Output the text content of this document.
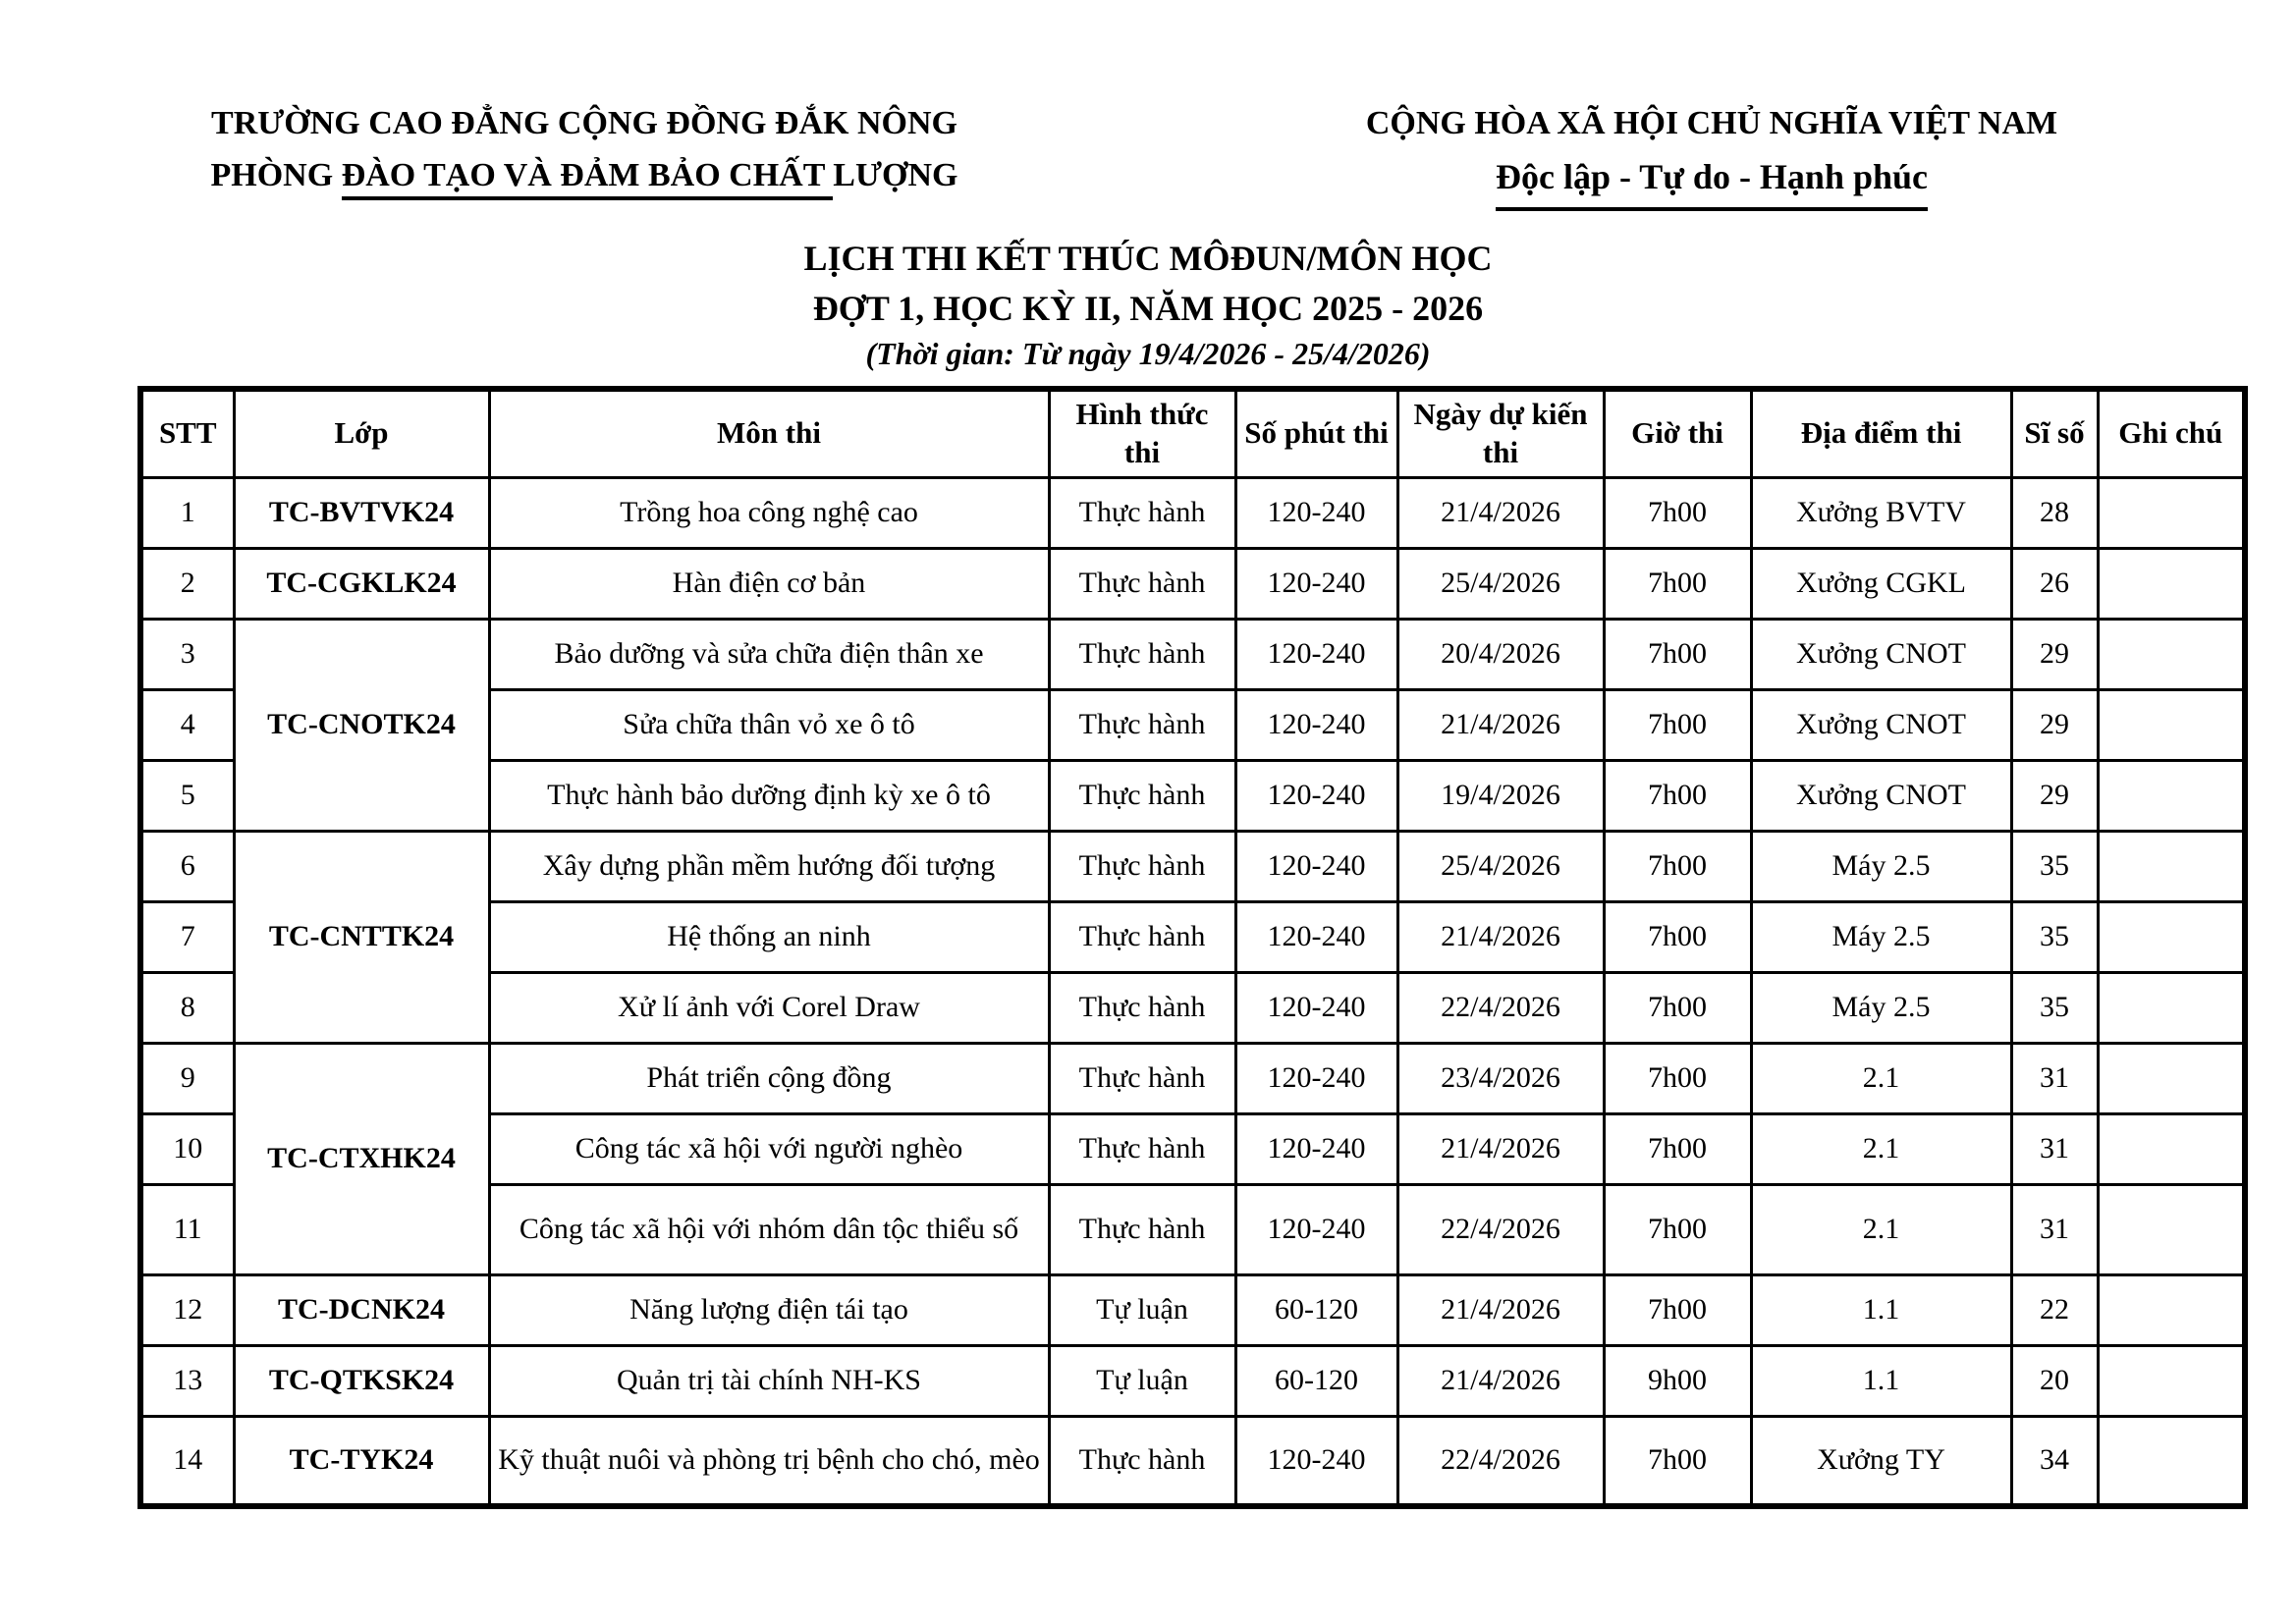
TRƯỜNG CAO ĐẲNG CỘNG ĐỒNG ĐẮK NÔNG
PHÒNG ĐÀO TẠO VÀ ĐẢM BẢO CHẤT LƯỢNG
CỘNG HÒA XÃ HỘI CHỦ NGHĨA VIỆT NAM
Độc lập - Tự do - Hạnh phúc
LỊCH THI KẾT THÚC MÔĐUN/MÔN HỌC
ĐỢT 1, HỌC KỲ II, NĂM HỌC 2025 - 2026
(Thời gian: Từ ngày 19/4/2026 - 25/4/2026)
STT	Lớp	Môn thi	Hình thức thi	Số phút thi	Ngày dự kiến thi	Giờ thi	Địa điểm thi	Sĩ số	Ghi chú
1	TC-BVTVK24	Trồng hoa công nghệ cao	Thực hành	120-240	21/4/2026	7h00	Xưởng BVTV	28	
2	TC-CGKLK24	Hàn điện cơ bản	Thực hành	120-240	25/4/2026	7h00	Xưởng CGKL	26	
3	TC-CNOTK24	Bảo dưỡng và sửa chữa điện thân xe	Thực hành	120-240	20/4/2026	7h00	Xưởng CNOT	29	
4		Sửa chữa thân vỏ xe ô tô	Thực hành	120-240	21/4/2026	7h00	Xưởng CNOT	29	
5		Thực hành bảo dưỡng định kỳ xe ô tô	Thực hành	120-240	19/4/2026	7h00	Xưởng CNOT	29	
6	TC-CNTTK24	Xây dựng phần mềm hướng đối tượng	Thực hành	120-240	25/4/2026	7h00	Máy 2.5	35	
7		Hệ thống an ninh	Thực hành	120-240	21/4/2026	7h00	Máy 2.5	35	
8		Xử lí ảnh với Corel Draw	Thực hành	120-240	22/4/2026	7h00	Máy 2.5	35	
9	TC-CTXHK24	Phát triển cộng đồng	Thực hành	120-240	23/4/2026	7h00	2.1	31	
10		Công tác xã hội với người nghèo	Thực hành	120-240	21/4/2026	7h00	2.1	31	
11		Công tác xã hội với nhóm dân tộc thiểu số	Thực hành	120-240	22/4/2026	7h00	2.1	31	
12	TC-DCNK24	Năng lượng điện tái tạo	Tự luận	60-120	21/4/2026	7h00	1.1	22	
13	TC-QTKSK24	Quản trị tài chính NH-KS	Tự luận	60-120	21/4/2026	9h00	1.1	20	
14	TC-TYK24	Kỹ thuật nuôi và phòng trị bệnh cho chó, mèo	Thực hành	120-240	22/4/2026	7h00	Xưởng TY	34	
